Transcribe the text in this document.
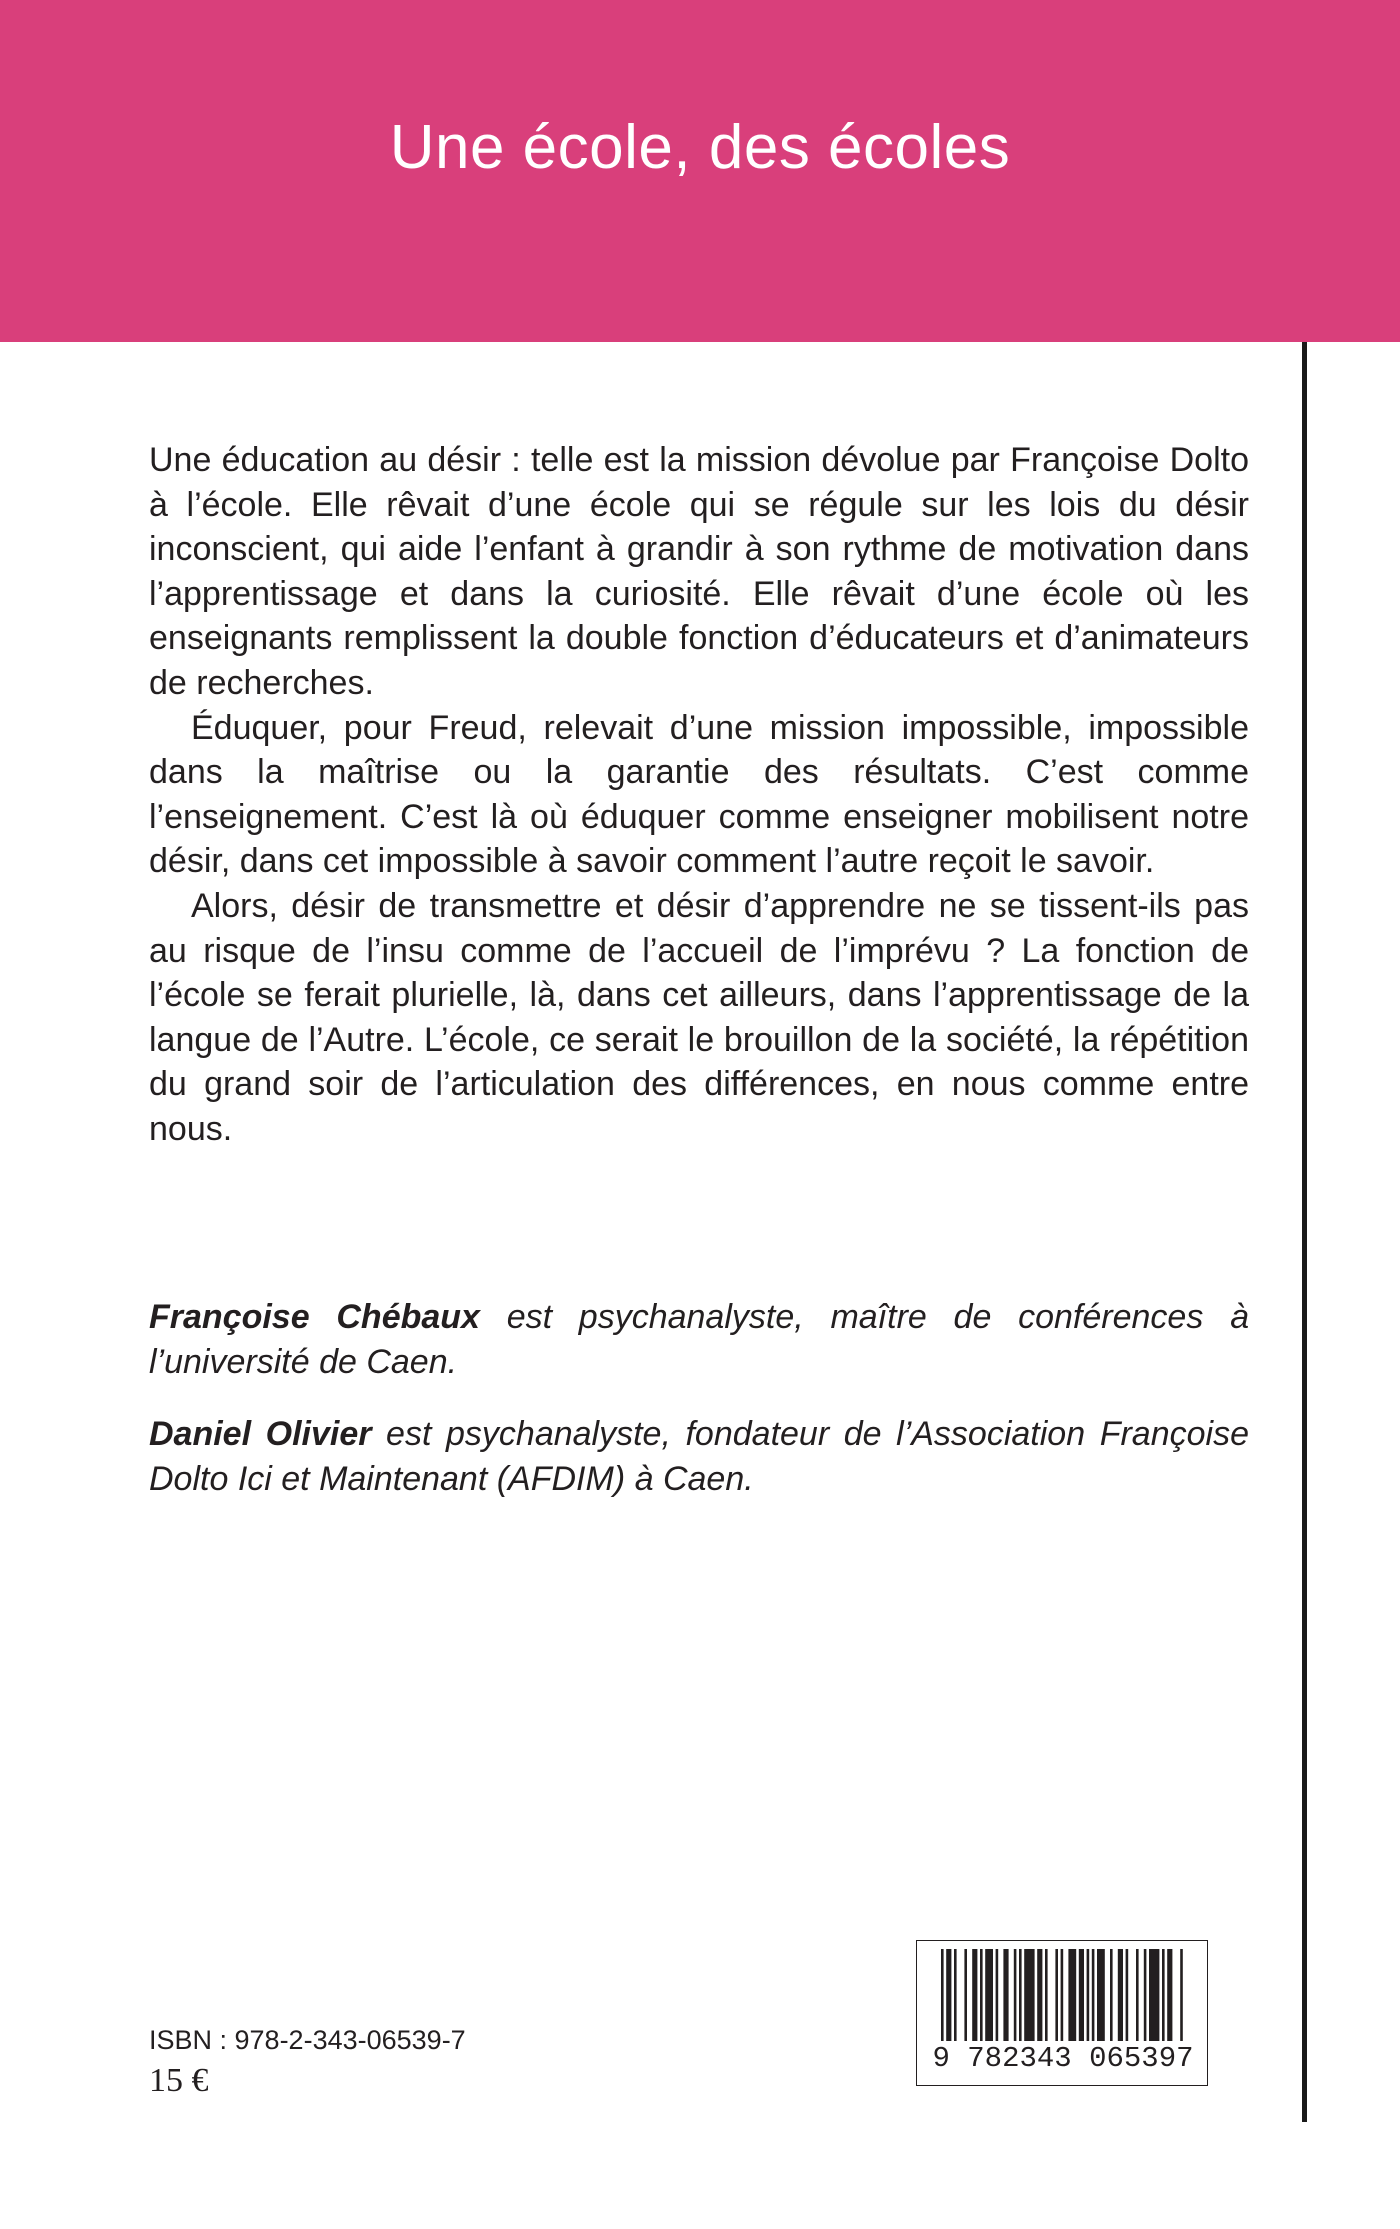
Une école, des écoles

Une éducation au désir : telle est la mission dévolue par Françoise Dolto à l’école. Elle rêvait d’une école qui se régule sur les lois du désir inconscient, qui aide l’enfant à grandir à son rythme de motivation dans l’apprentissage et dans la curiosité. Elle rêvait d’une école où les enseignants remplissent la double fonction d’éducateurs et d’animateurs de recherches.

Éduquer, pour Freud, relevait d’une mission impossible, impossible dans la maîtrise ou la garantie des résultats. C’est comme l’enseignement. C’est là où éduquer comme enseigner mobilisent notre désir, dans cet impossible à savoir comment l’autre reçoit le savoir.

Alors, désir de transmettre et désir d’apprendre ne se tissent-ils pas au risque de l’insu comme de l’accueil de l’imprévu ? La fonction de l’école se ferait plurielle, là, dans cet ailleurs, dans l’apprentissage de la langue de l’Autre. L’école, ce serait le brouillon de la société, la répétition du grand soir de l’articulation des différences, en nous comme entre nous.

Françoise Chébaux est psychanalyste, maître de conférences à l’université de Caen.

Daniel Olivier est psychanalyste, fondateur de l’Association Françoise Dolto Ici et Maintenant (AFDIM) à Caen.

ISBN : 978-2-343-06539-7
15 €
9 782343 065397
